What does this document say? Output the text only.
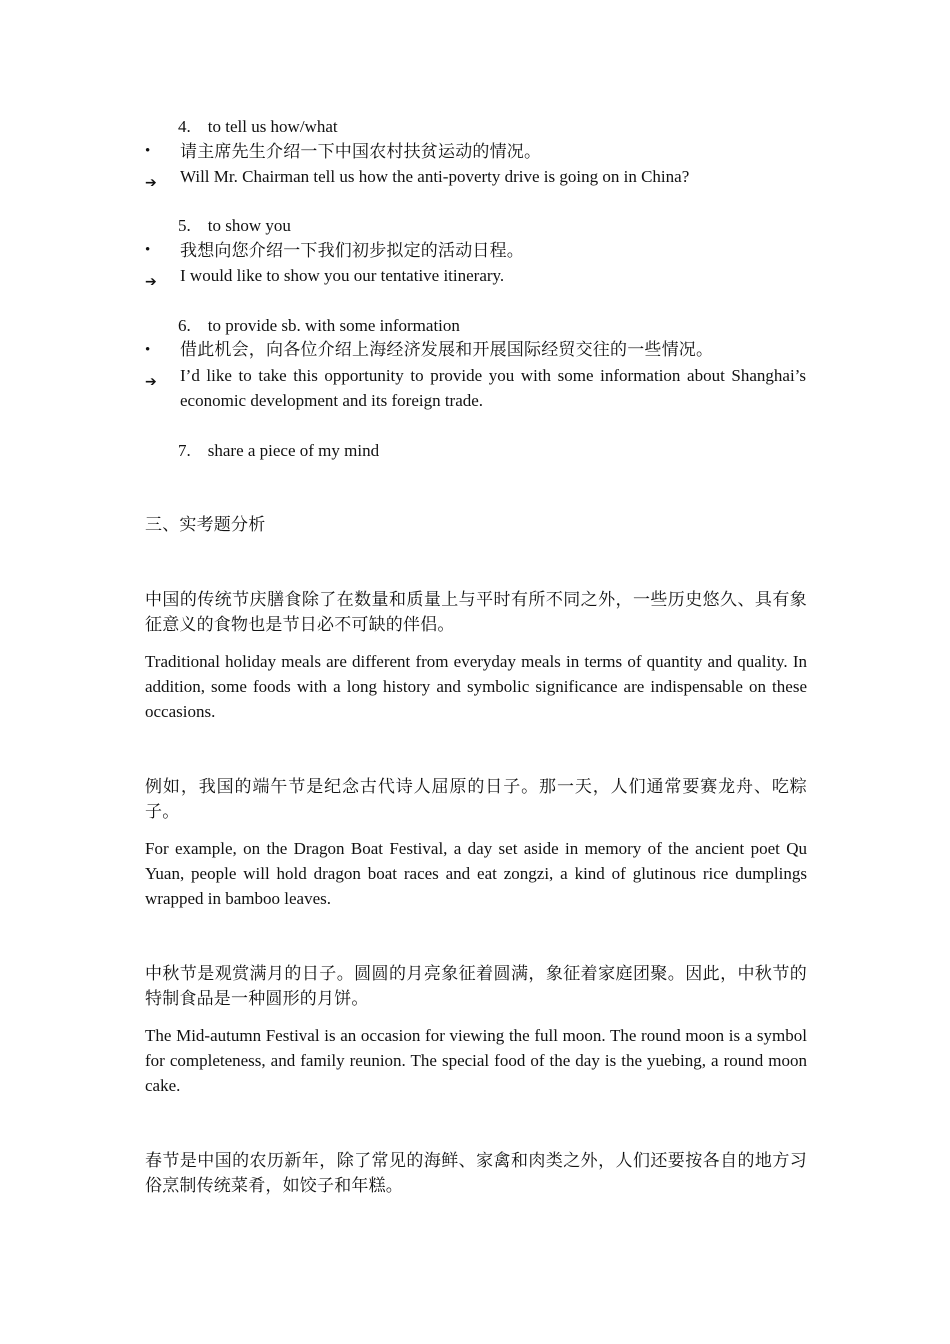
4. to tell us how/what
• 请主席先生介绍一下中国农村扶贫运动的情况。
➔ Will Mr. Chairman tell us how the anti-poverty drive is going on in China?
5. to show you
• 我想向您介绍一下我们初步拟定的活动日程。
➔ I would like to show you our tentative itinerary.
6. to provide sb. with some information
• 借此机会，向各位介绍上海经济发展和开展国际经贸交往的一些情况。
➔ I’d like to take this opportunity to provide you with some information about Shanghai’s economic development and its foreign trade.
7. share a piece of my mind
三、实考题分析

中国的传统节庆膳食除了在数量和质量上与平时有所不同之外，一些历史悠久、具有象征意义的食物也是节日必不可缺的伴侣。

Traditional holiday meals are different from everyday meals in terms of quantity and quality. In addition, some foods with a long history and symbolic significance are indispensable on these occasions.

例如，我国的端午节是纪念古代诗人屈原的日子。那一天，人们通常要赛龙舟、吃粽子。

For example, on the Dragon Boat Festival, a day set aside in memory of the ancient poet Qu Yuan, people will hold dragon boat races and eat zongzi, a kind of glutinous rice dumplings wrapped in bamboo leaves.

中秋节是观赏满月的日子。圆圆的月亮象征着圆满，象征着家庭团聚。因此，中秋节的特制食品是一种圆形的月饼。

The Mid-autumn Festival is an occasion for viewing the full moon. The round moon is a symbol for completeness, and family reunion. The special food of the day is the yuebing, a round moon cake.

春节是中国的农历新年，除了常见的海鲜、家禽和肉类之外，人们还要按各自的地方习俗烹制传统菜肴，如饺子和年糕。
